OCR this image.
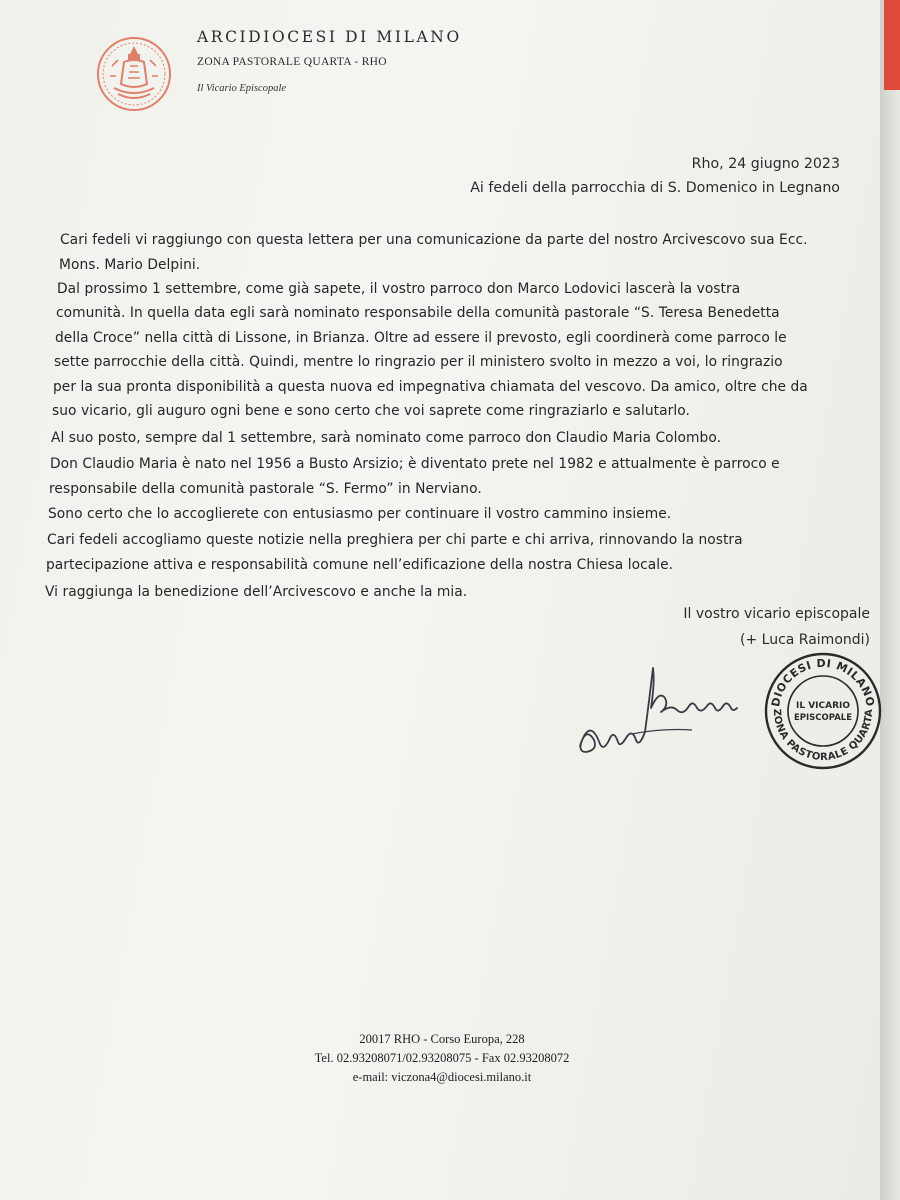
ARCIDIOCESI DI MILANO
ZONA PASTORALE QUARTA - RHO
Il Vicario Episcopale
Rho, 24 giugno 2023
Ai fedeli della parrocchia di S. Domenico in Legnano
Cari fedeli vi raggiungo con questa lettera per una comunicazione da parte del nostro Arcivescovo sua Ecc.
Mons. Mario Delpini.
Dal prossimo 1 settembre, come già sapete, il vostro parroco don Marco Lodovici lascerà la vostra
comunità. In quella data egli sarà nominato responsabile della comunità pastorale “S. Teresa Benedetta
della Croce” nella città di Lissone, in Brianza. Oltre ad essere il prevosto, egli coordinerà come parroco le
sette parrocchie della città. Quindi, mentre lo ringrazio per il ministero svolto in mezzo a voi, lo ringrazio
per la sua pronta disponibilità a questa nuova ed impegnativa chiamata del vescovo. Da amico, oltre che da
suo vicario, gli auguro ogni bene e sono certo che voi saprete come ringraziarlo e salutarlo.
Al suo posto, sempre dal 1 settembre, sarà nominato come parroco don Claudio Maria Colombo.
Don Claudio Maria è nato nel 1956 a Busto Arsizio; è diventato prete nel 1982 e attualmente è parroco e
responsabile della comunità pastorale “S. Fermo” in Nerviano.
Sono certo che lo accoglierete con entusiasmo per continuare il vostro cammino insieme.
Cari fedeli accogliamo queste notizie nella preghiera per chi parte e chi arriva, rinnovando la nostra
partecipazione attiva e responsabilità comune nell’edificazione della nostra Chiesa locale.
Vi raggiunga la benedizione dell’Arcivescovo e anche la mia.
Il vostro vicario episcopale
(+ Luca Raimondi)
DIOCESI DI MILANO
ZONA PASTORALE QUARTA
IL VICARIO
EPISCOPALE
20017 RHO - Corso Europa, 228
Tel. 02.93208071/02.93208075 - Fax 02.93208072
e-mail: viczona4@diocesi.milano.it
